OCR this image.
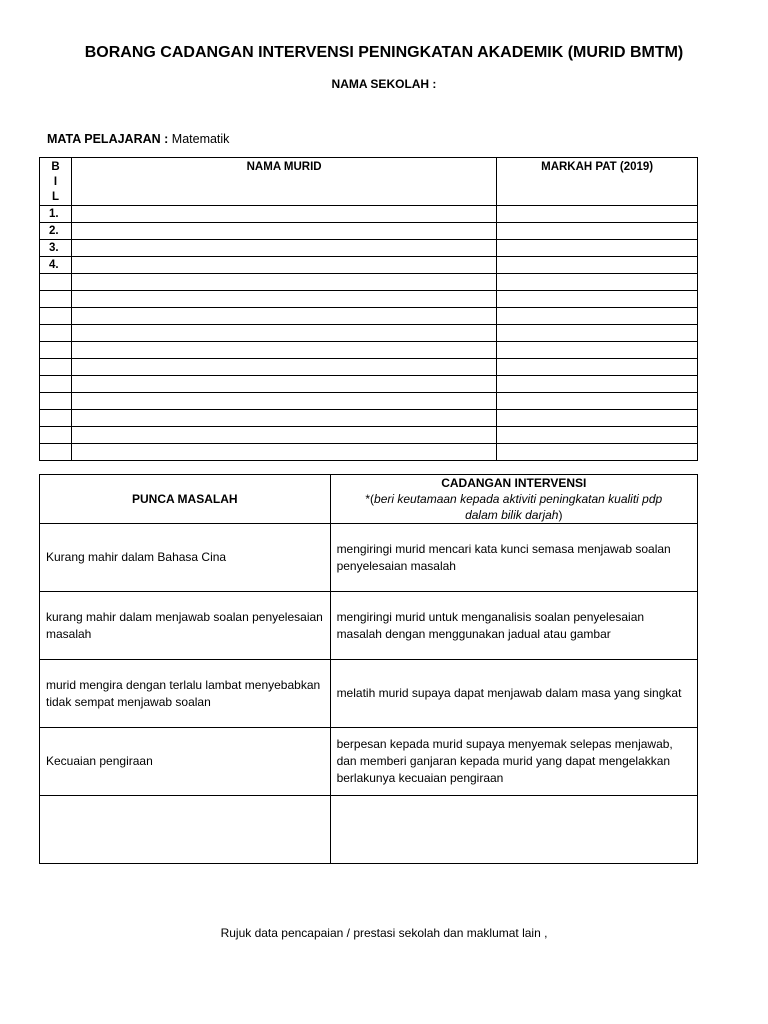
BORANG CADANGAN INTERVENSI PENINGKATAN AKADEMIK (MURID BMTM)
NAMA SEKOLAH :
MATA PELAJARAN : Matematik
BIL	NAMA MURID	MARKAH PAT (2019)
1.		
2.		
3.		
4.		

PUNCA MASALAH	CADANGAN INTERVENSI
*(beri keutamaan kepada aktiviti peningkatan kualiti pdp dalam bilik darjah)

Kurang mahir dalam Bahasa Cina	mengiringi murid mencari kata kunci semasa menjawab soalan penyelesaian masalah
kurang mahir dalam menjawab soalan penyelesaian masalah	mengiringi murid untuk menganalisis soalan penyelesaian masalah dengan menggunakan jadual atau gambar
murid mengira dengan terlalu lambat menyebabkan tidak sempat menjawab soalan	melatih murid supaya dapat menjawab dalam masa yang singkat
Kecuaian pengiraan	berpesan kepada murid supaya menyemak selepas menjawab, dan memberi ganjaran kepada murid yang dapat mengelakkan berlakunya kecuaian pengiraan

Rujuk data pencapaian / prestasi sekolah dan maklumat lain ,
